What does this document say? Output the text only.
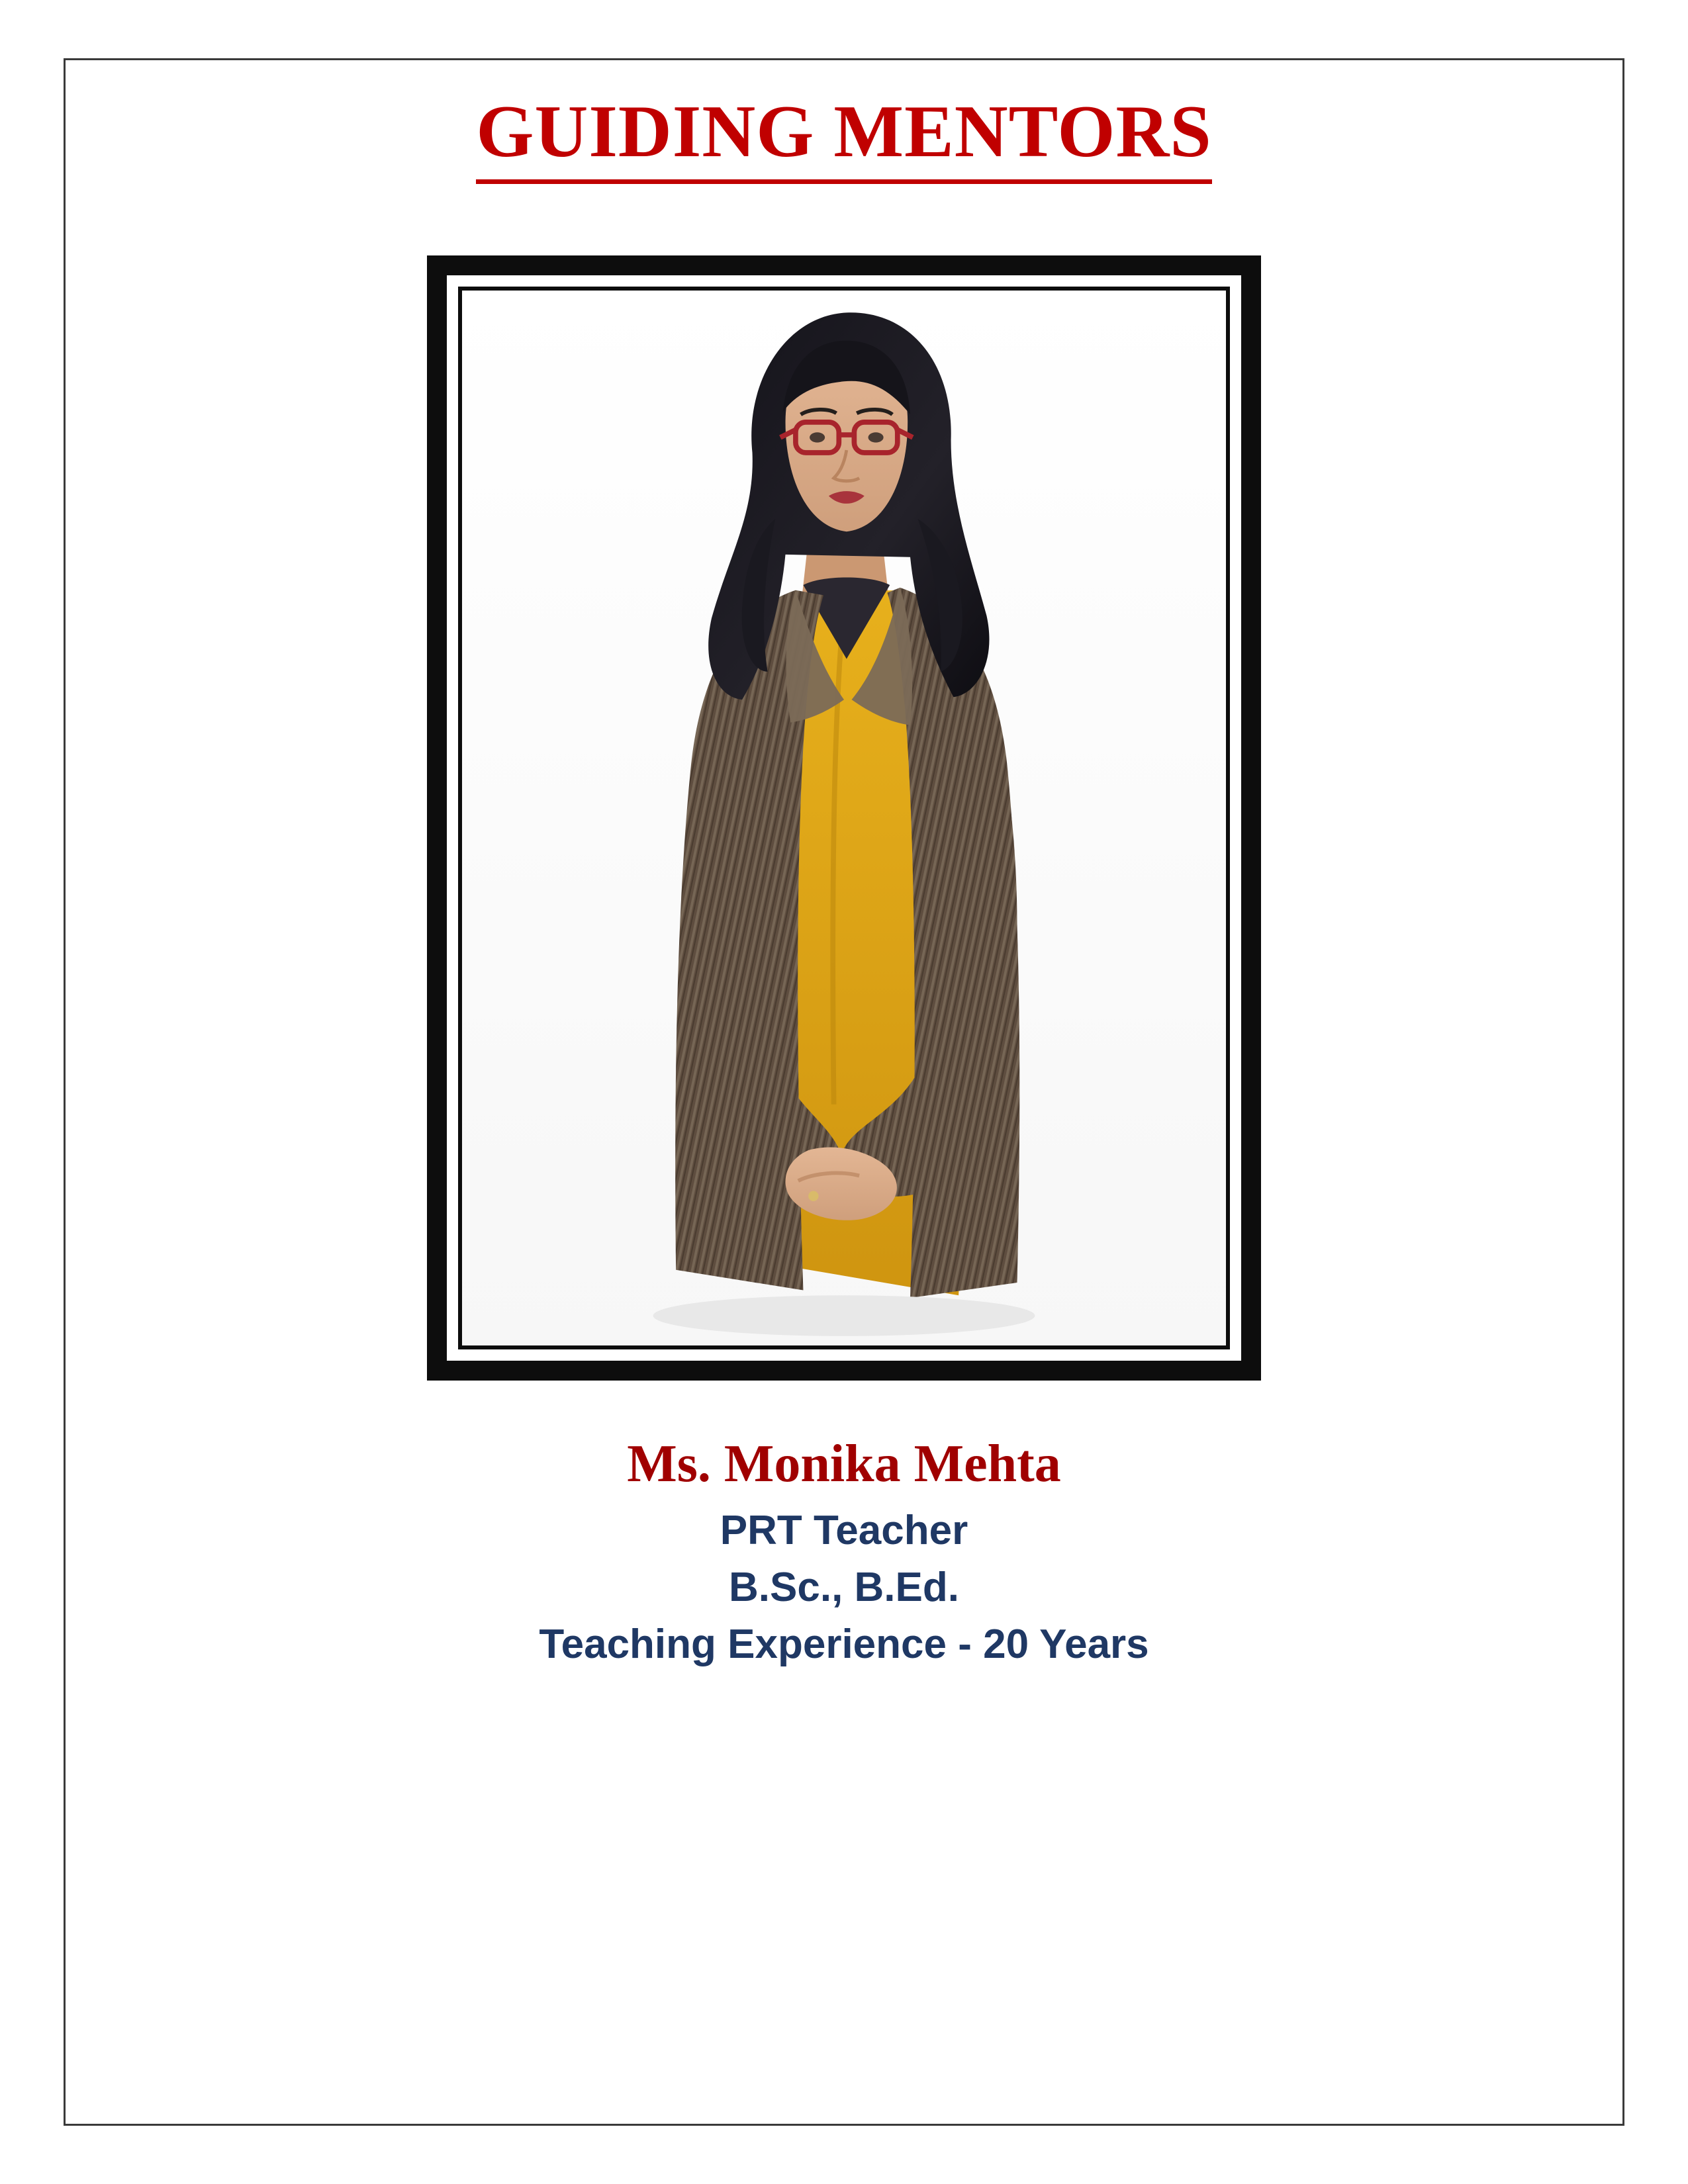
GUIDING MENTORS
Ms. Monika Mehta
PRT Teacher
B.Sc., B.Ed.
Teaching Experience - 20 Years
